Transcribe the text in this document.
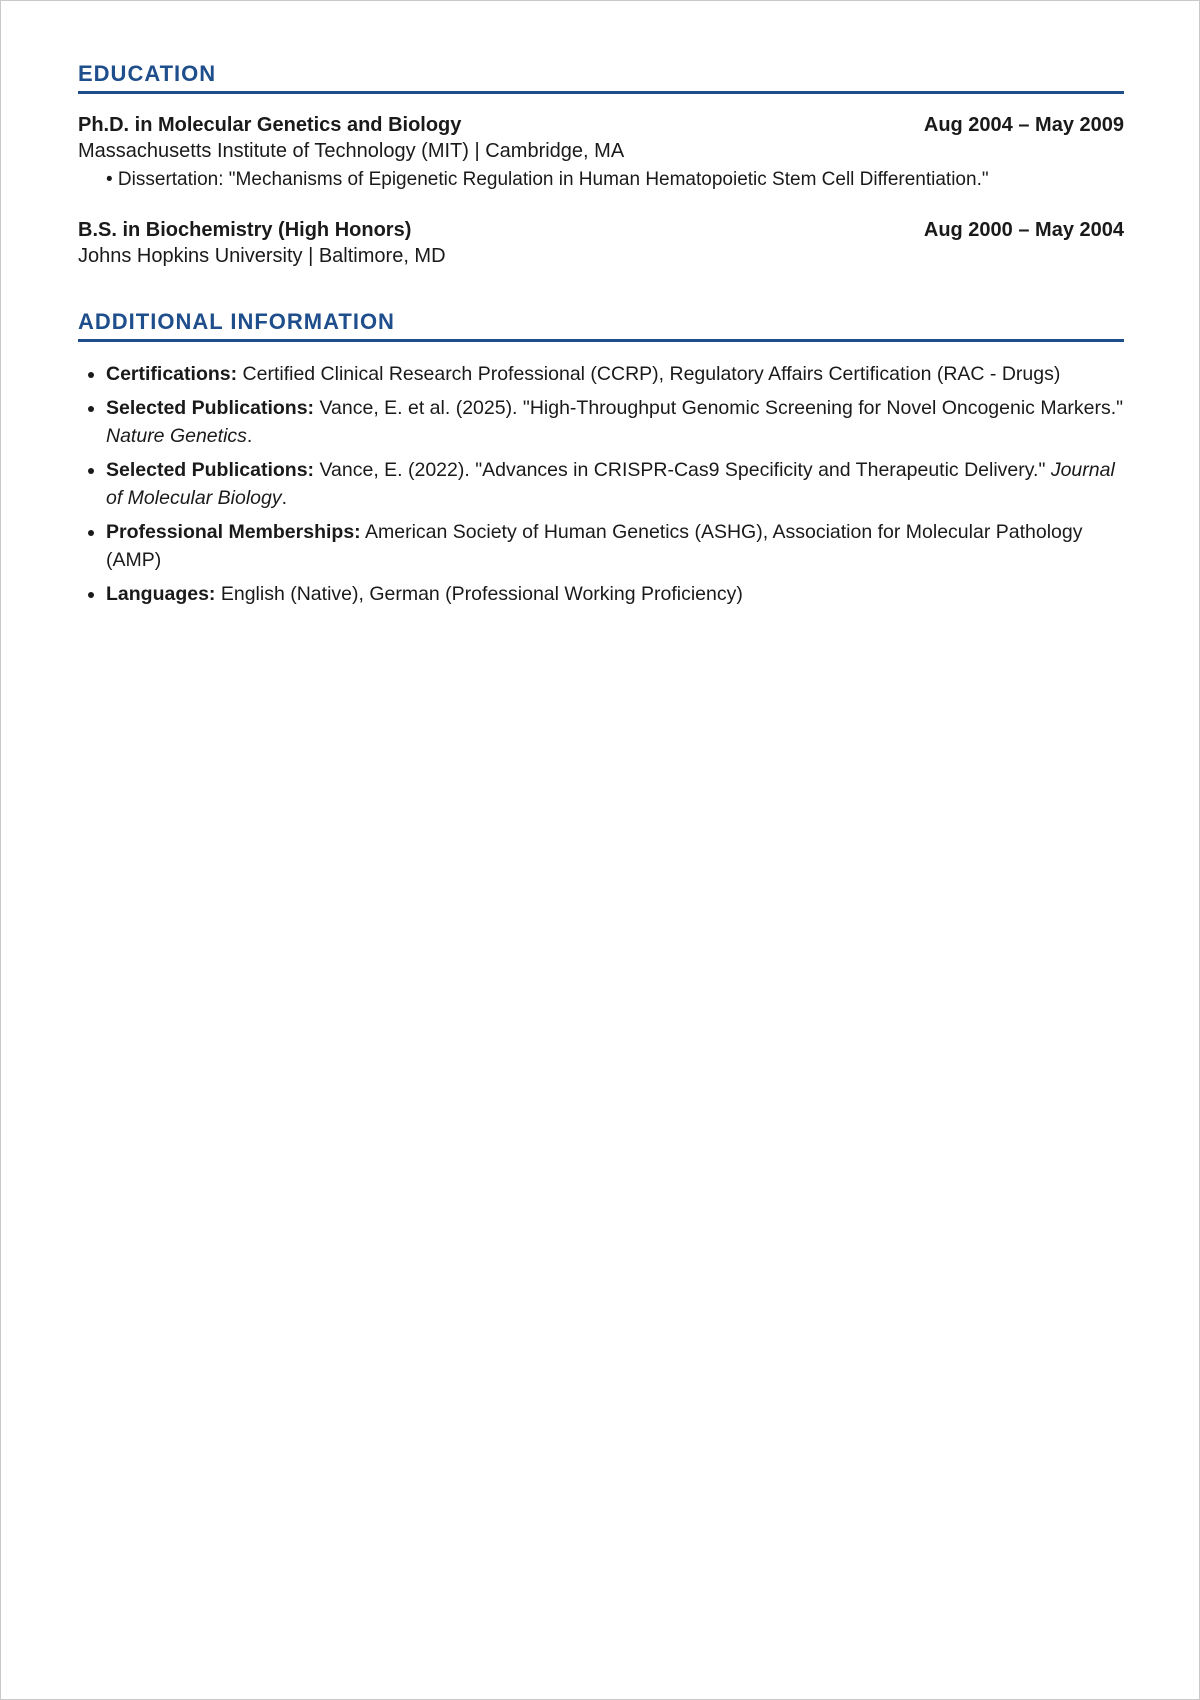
EDUCATION
Ph.D. in Molecular Genetics and Biology	Aug 2004 – May 2009
Massachusetts Institute of Technology (MIT) | Cambridge, MA
• Dissertation: "Mechanisms of Epigenetic Regulation in Human Hematopoietic Stem Cell Differentiation."
B.S. in Biochemistry (High Honors)	Aug 2000 – May 2004
Johns Hopkins University | Baltimore, MD
ADDITIONAL INFORMATION
• Certifications: Certified Clinical Research Professional (CCRP), Regulatory Affairs Certification (RAC - Drugs)
• Selected Publications: Vance, E. et al. (2025). "High-Throughput Genomic Screening for Novel Oncogenic Markers." Nature Genetics.
• Selected Publications: Vance, E. (2022). "Advances in CRISPR-Cas9 Specificity and Therapeutic Delivery." Journal of Molecular Biology.
• Professional Memberships: American Society of Human Genetics (ASHG), Association for Molecular Pathology (AMP)
• Languages: English (Native), German (Professional Working Proficiency)
